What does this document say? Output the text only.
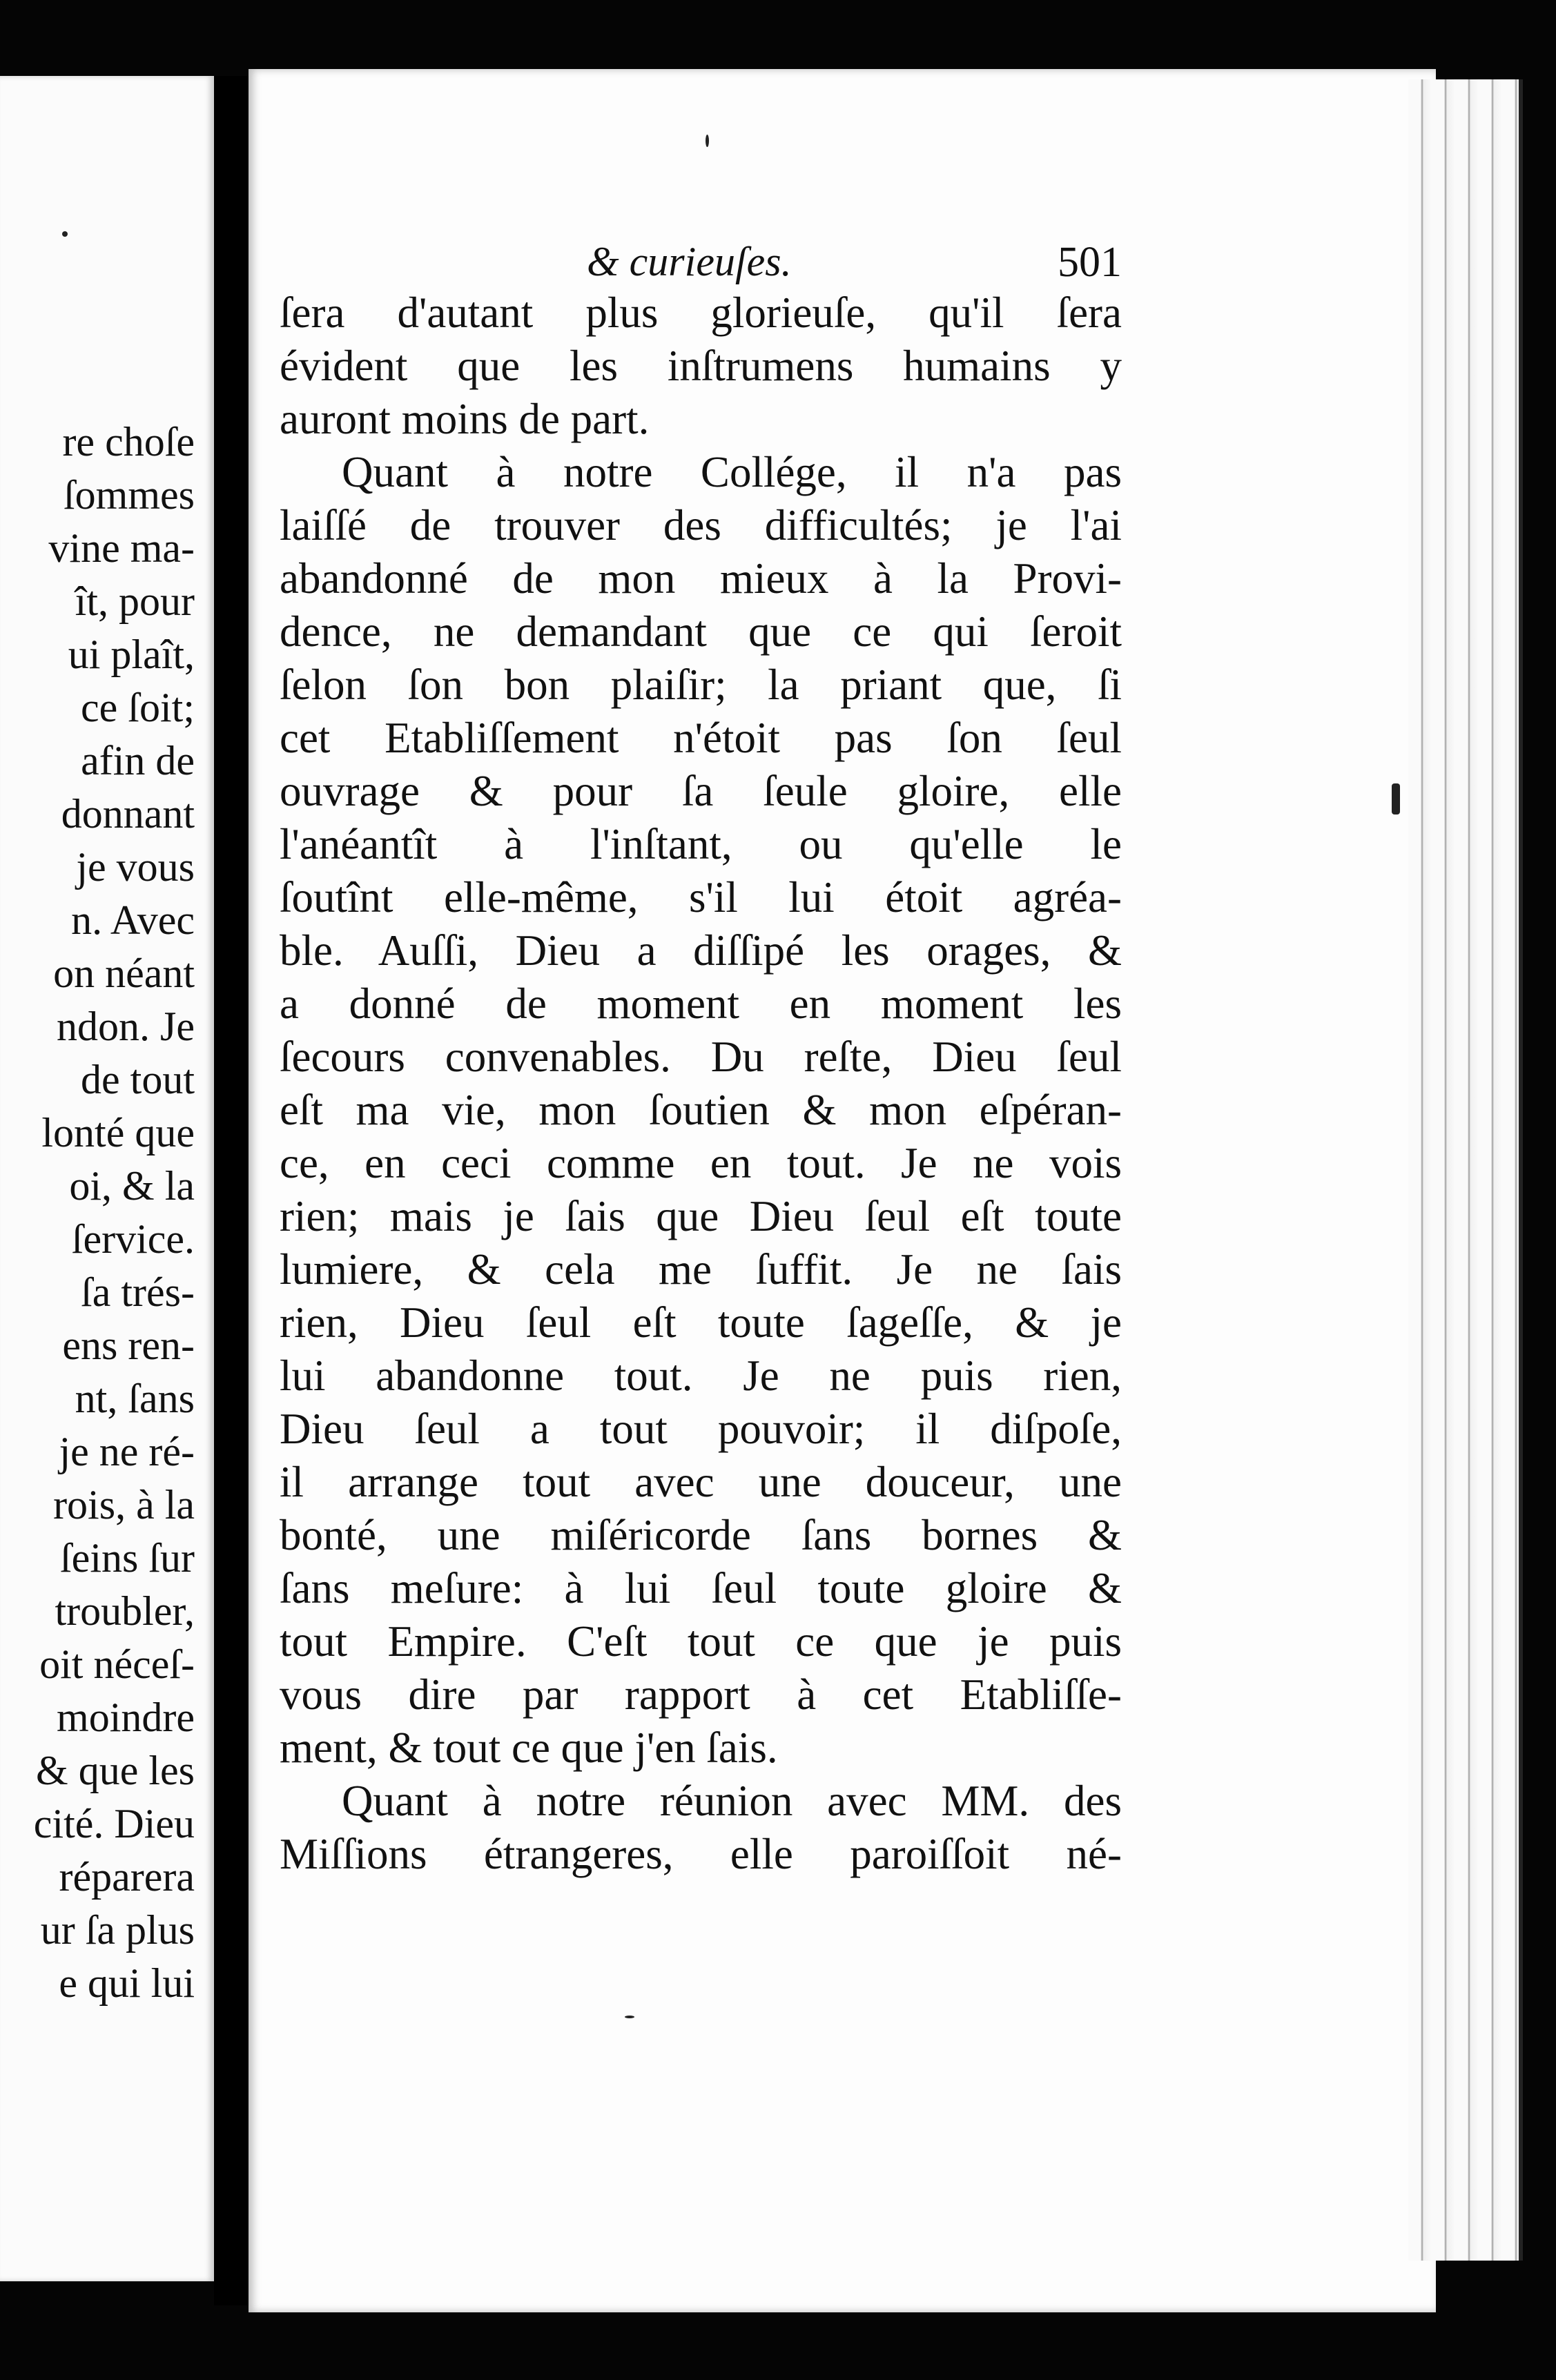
re choſe

ſommes

vine ma-

ît, pour

ui plaît,

ce ſoit;

afin de

donnant

je vous

n. Avec

on néant

ndon. Je

de tout

lonté que

oi, & la

ſervice.

ſa trés-

ens ren-

nt, ſans

je ne ré-

rois, à la

ſeins ſur

troubler,

oit néceſ-

moindre

& que les

cité. Dieu

réparera

ur ſa plus

e qui lui

& curieuſes.	501

ſera d'autant plus glorieuſe, qu'il ſera

évident que les inſtrumens humains y

auront moins de part.

Quant à notre Collége, il n'a pas

laiſſé de trouver des difficultés; je l'ai

abandonné de mon mieux à la Provi-

dence, ne demandant que ce qui ſeroit

ſelon ſon bon plaiſir; la priant que, ſi

cet Etabliſſement n'étoit pas ſon ſeul

ouvrage & pour ſa ſeule gloire, elle

l'anéantît à l'inſtant, ou qu'elle le

ſoutînt elle-même, s'il lui étoit agréa-

ble. Auſſi, Dieu a diſſipé les orages, &

a donné de moment en moment les

ſecours convenables. Du reſte, Dieu ſeul

eſt ma vie, mon ſoutien & mon eſpéran-

ce, en ceci comme en tout. Je ne vois

rien; mais je ſais que Dieu ſeul eſt toute

lumiere, & cela me ſuffit. Je ne ſais

rien, Dieu ſeul eſt toute ſageſſe, & je

lui abandonne tout. Je ne puis rien,

Dieu ſeul a tout pouvoir; il diſpoſe,

il arrange tout avec une douceur, une

bonté, une miſéricorde ſans bornes &

ſans meſure: à lui ſeul toute gloire &

tout Empire. C'eſt tout ce que je puis

vous dire par rapport à cet Etabliſſe-

ment, & tout ce que j'en ſais.

Quant à notre réunion avec MM. des

Miſſions étrangeres, elle paroiſſoit né-
